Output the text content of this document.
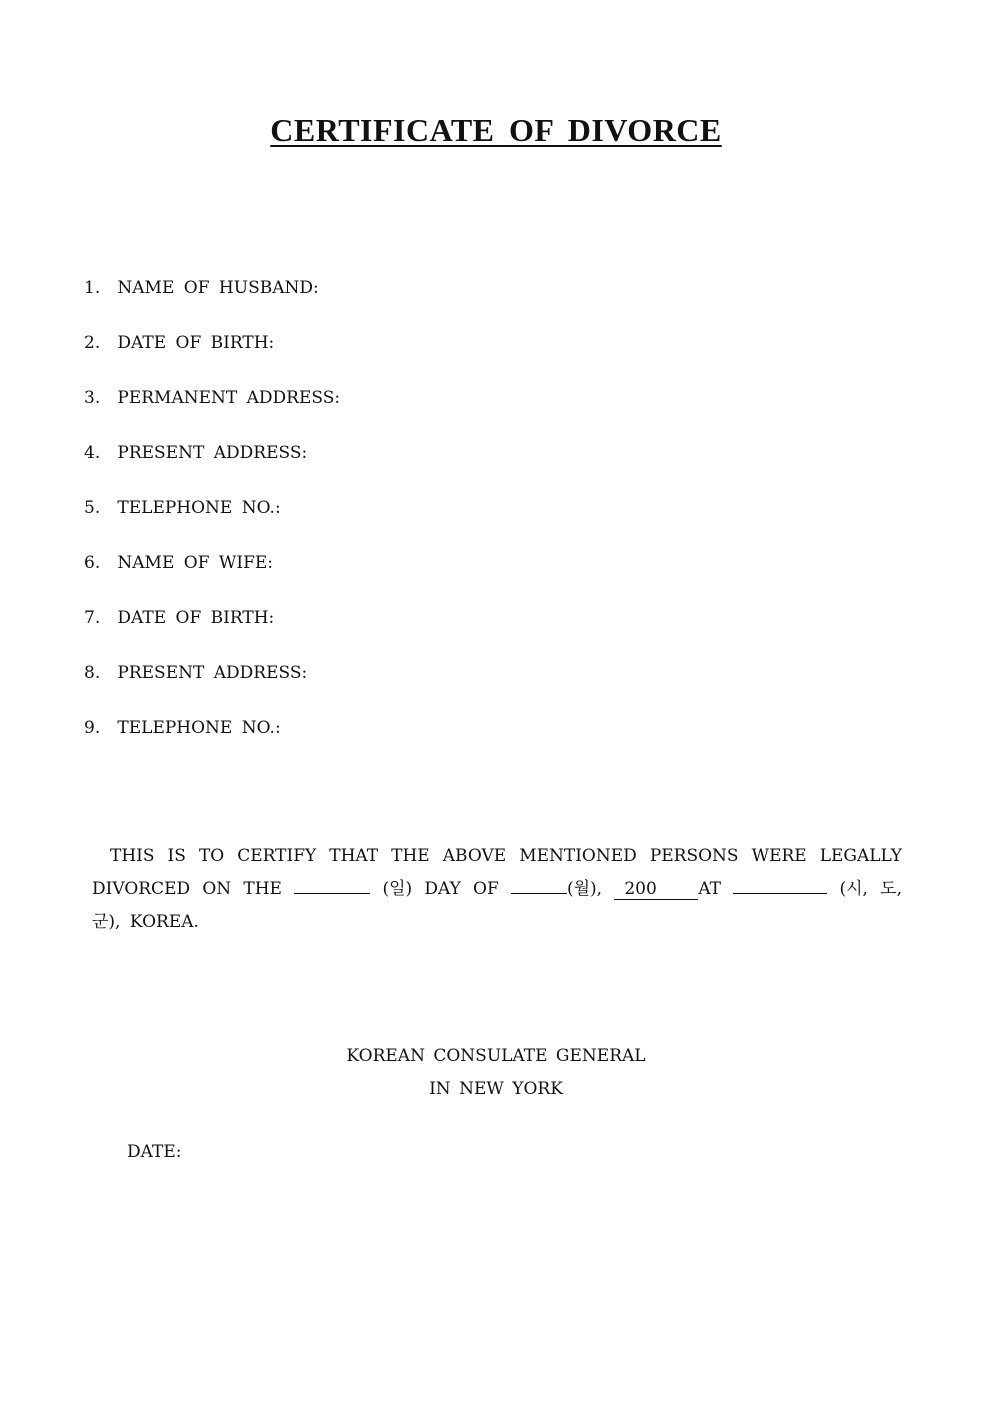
CERTIFICATE OF DIVORCE
1. NAME OF HUSBAND:
2. DATE OF BIRTH:
3. PERMANENT ADDRESS:
4. PRESENT ADDRESS:
5. TELEPHONE NO.:
6. NAME OF WIFE:
7. DATE OF BIRTH:
8. PRESENT ADDRESS:
9. TELEPHONE NO.:
THIS IS TO CERTIFY THAT THE ABOVE MENTIONED PERSONS WERE LEGALLY
DIVORCED ON THE	(일) DAY OF	(월), 200 AT	(시, 도,
군), KOREA.
KOREAN CONSULATE GENERAL
IN NEW YORK
DATE:
